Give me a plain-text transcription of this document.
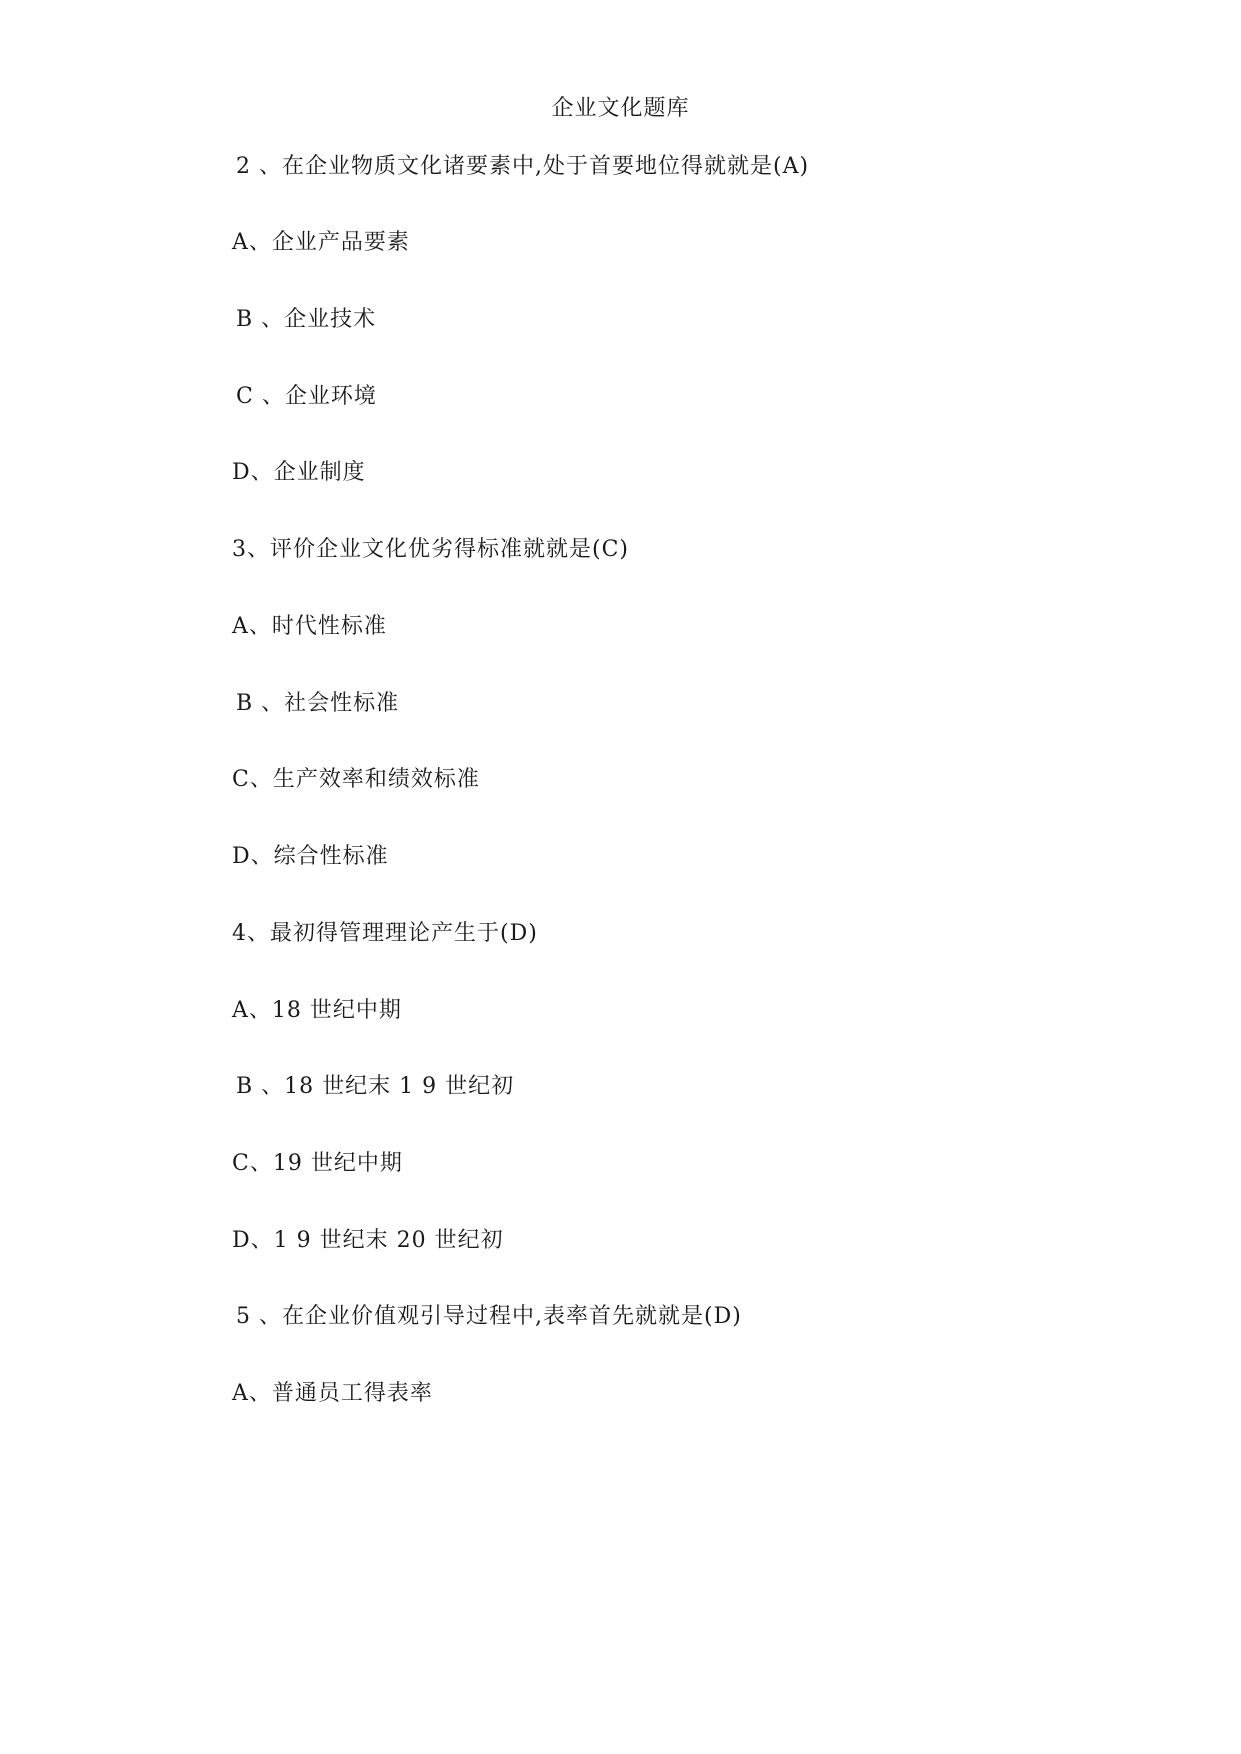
企业文化题库
2 、在企业物质文化诸要素中,处于首要地位得就就是(A)
A、企业产品要素
B 、企业技术
C 、企业环境
D、企业制度
3、评价企业文化优劣得标准就就是(C)
A、时代性标准
B 、社会性标准
C、生产效率和绩效标准
D、综合性标准
4、最初得管理理论产生于(D)
A、18 世纪中期
B 、18 世纪末 1 9 世纪初
C、19 世纪中期
D、1 9 世纪末 20 世纪初
5 、在企业价值观引导过程中,表率首先就就是(D)
A、普通员工得表率
